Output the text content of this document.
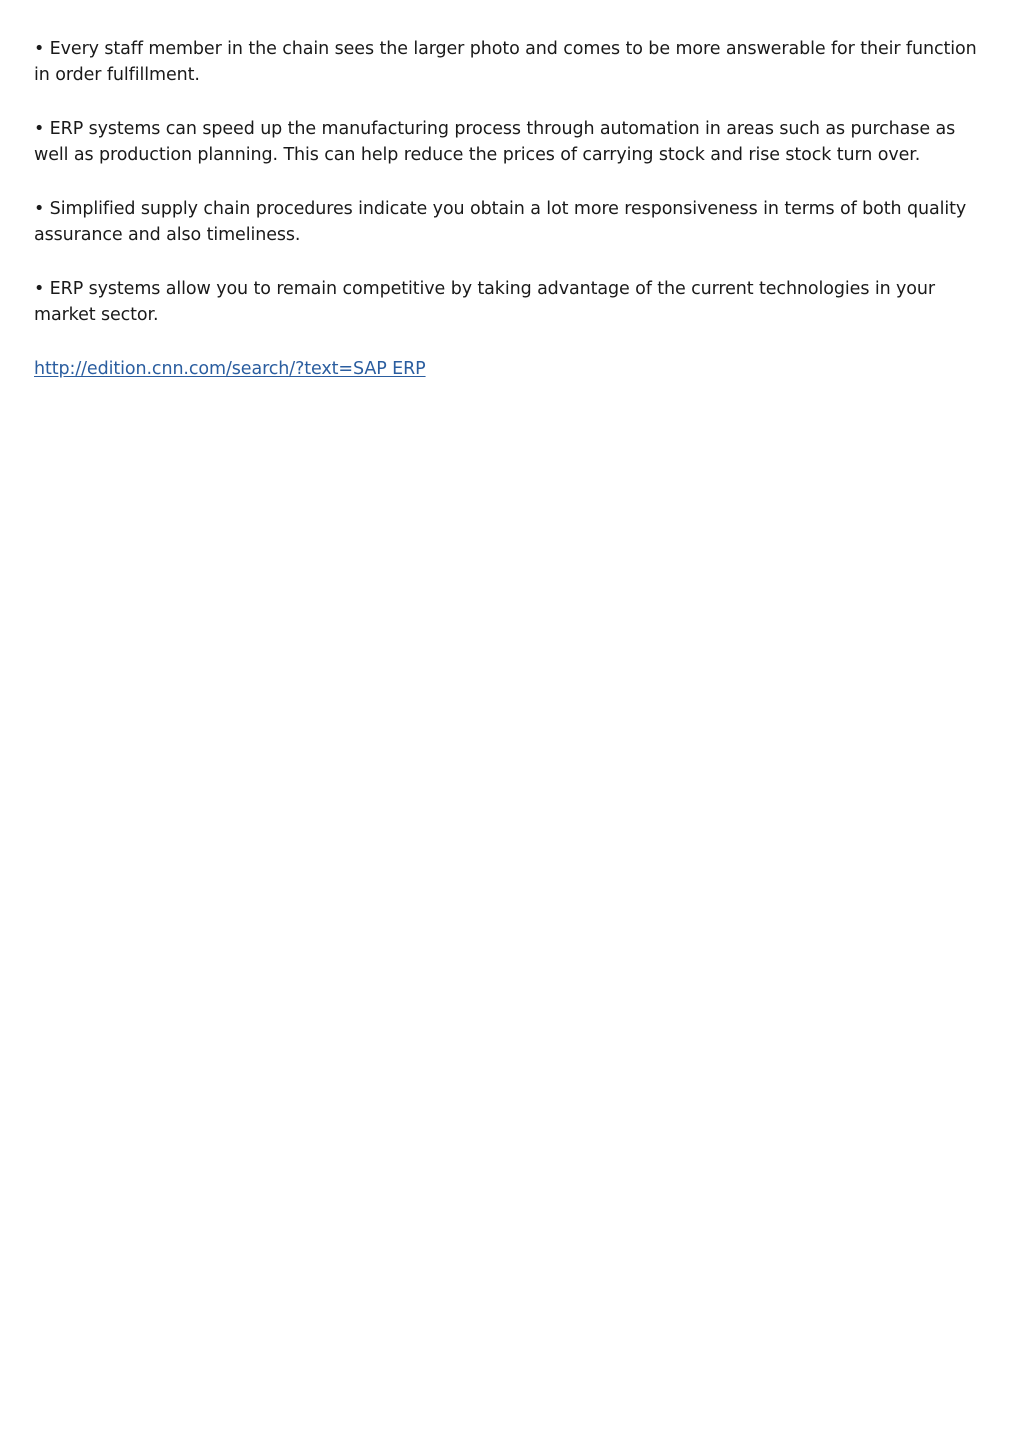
• Every staff member in the chain sees the larger photo and comes to be more answerable for their function in order fulfillment.

• ERP systems can speed up the manufacturing process through automation in areas such as purchase as well as production planning. This can help reduce the prices of carrying stock and rise stock turn over.

• Simplified supply chain procedures indicate you obtain a lot more responsiveness in terms of both quality assurance and also timeliness.

• ERP systems allow you to remain competitive by taking advantage of the current technologies in your market sector.

http://edition.cnn.com/search/?text=SAP ERP
